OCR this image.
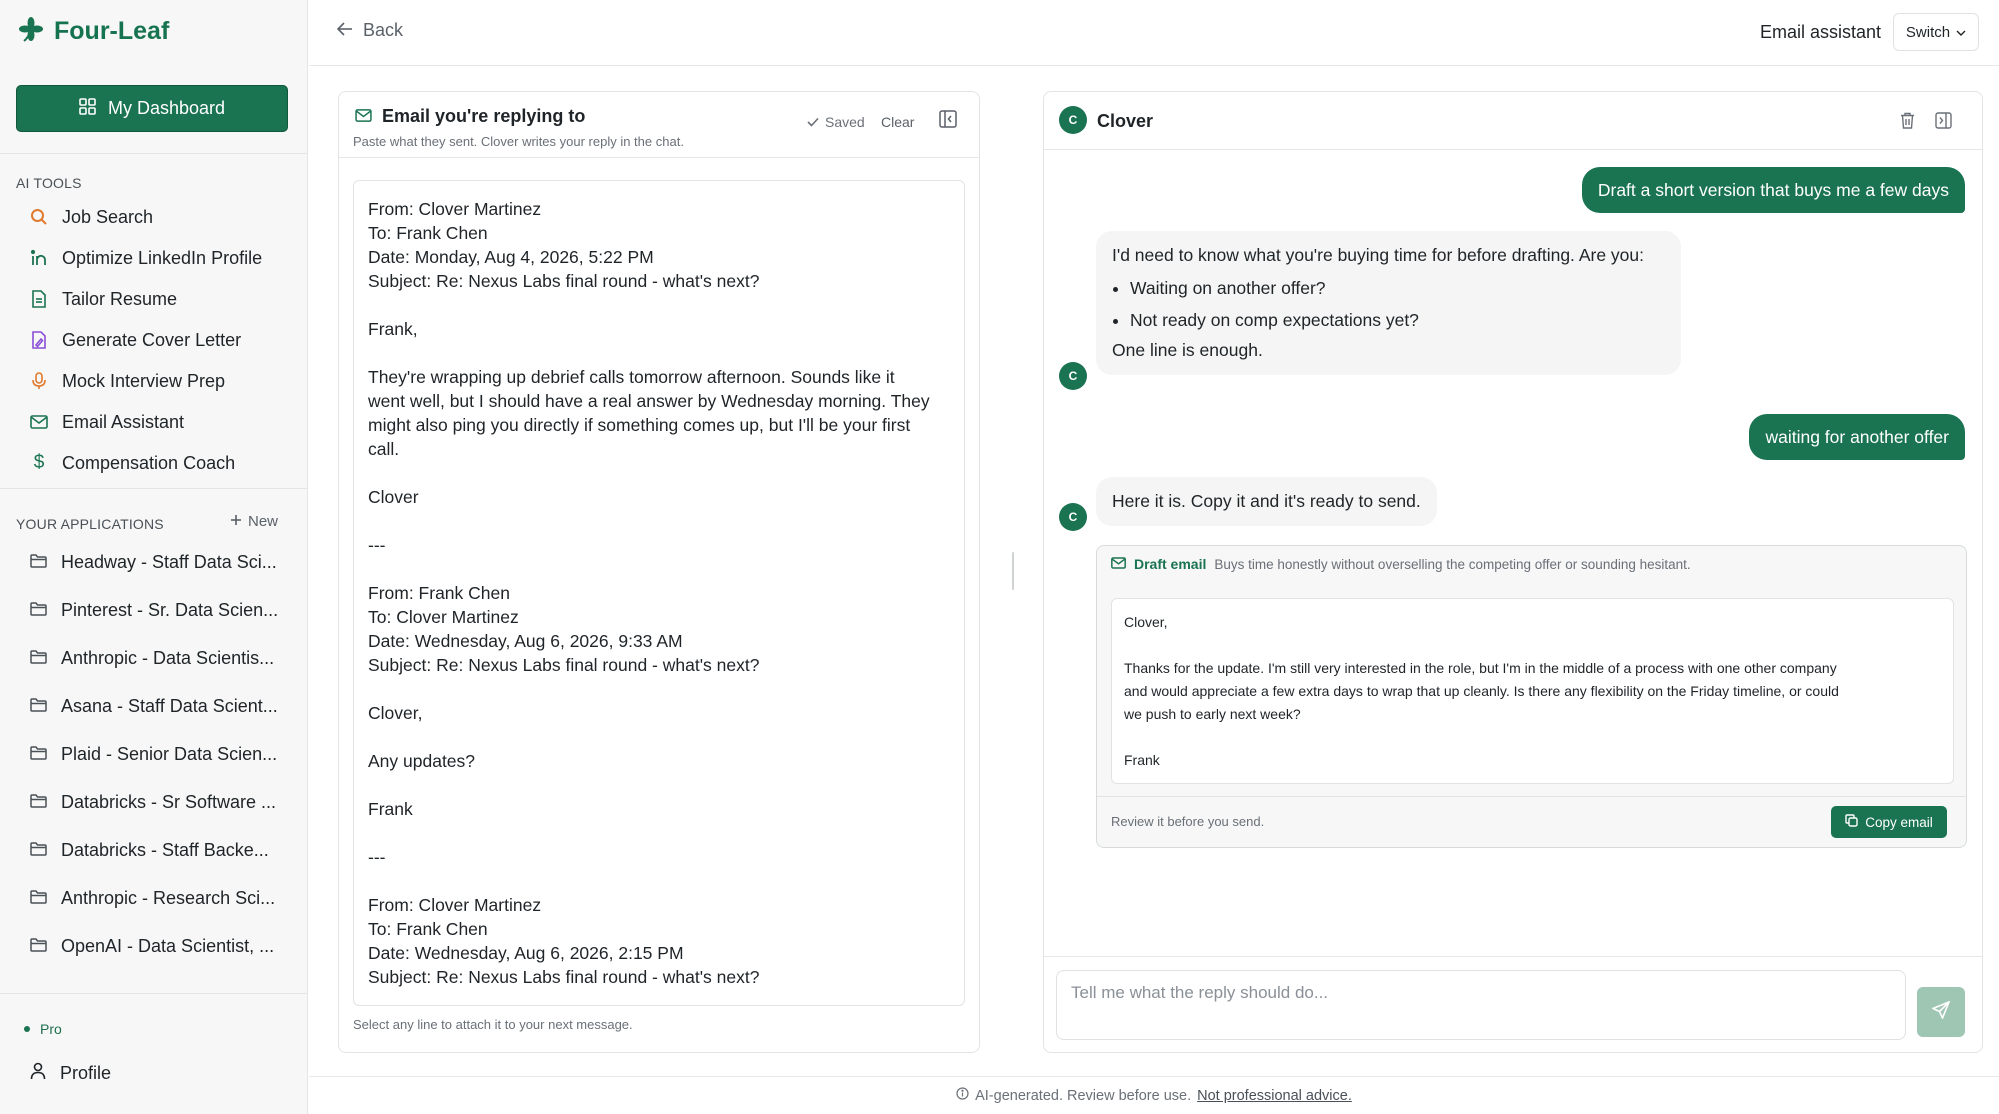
Four-Leaf
My Dashboard
AI TOOLS
Job Search
Optimize LinkedIn Profile
Tailor Resume
Generate Cover Letter
Mock Interview Prep
Email Assistant
$ Compensation Coach
YOUR APPLICATIONS	New
Headway - Staff Data Sci...
Pinterest - Sr. Data Scien...
Anthropic - Data Scientis...
Asana - Staff Data Scient...
Plaid - Senior Data Scien...
Databricks - Sr Software ...
Databricks - Staff Backe...
Anthropic - Research Sci...
OpenAI - Data Scientist, ...
Pro
Profile
Back	Email assistant Switch
Email you're replying to
Paste what they sent. Clover writes your reply in the chat.
Saved Clear
From: Clover Martinez
To: Frank Chen
Date: Monday, Aug 4, 2026, 5:22 PM
Subject: Re: Nexus Labs final round - what's next?
Frank,
They're wrapping up debrief calls tomorrow afternoon. Sounds like it
went well, but I should have a real answer by Wednesday morning. They
might also ping you directly if something comes up, but I'll be your first
call.
Clover
---
From: Frank Chen
To: Clover Martinez
Date: Wednesday, Aug 6, 2026, 9:33 AM
Subject: Re: Nexus Labs final round - what's next?
Clover,
Any updates?
Frank
---
From: Clover Martinez
To: Frank Chen
Date: Wednesday, Aug 6, 2026, 2:15 PM
Subject: Re: Nexus Labs final round - what's next?
Select any line to attach it to your next message.
C	Clover
Draft a short version that buys me a few days
I'd need to know what you're buying time for before drafting. Are you:
• Waiting on another offer?
• Not ready on comp expectations yet?
One line is enough.
C
waiting for another offer
Here it is. Copy it and it's ready to send.
C
Draft email Buys time honestly without overselling the competing offer or sounding hesitant.
Clover,
Thanks for the update. I'm still very interested in the role, but I'm in the middle of a process with one other company
and would appreciate a few extra days to wrap that up cleanly. Is there any flexibility on the Friday timeline, or could
we push to early next week?
Frank
Review it before you send.	Copy email
Tell me what the reply should do...
AI-generated. Review before use. Not professional advice.
